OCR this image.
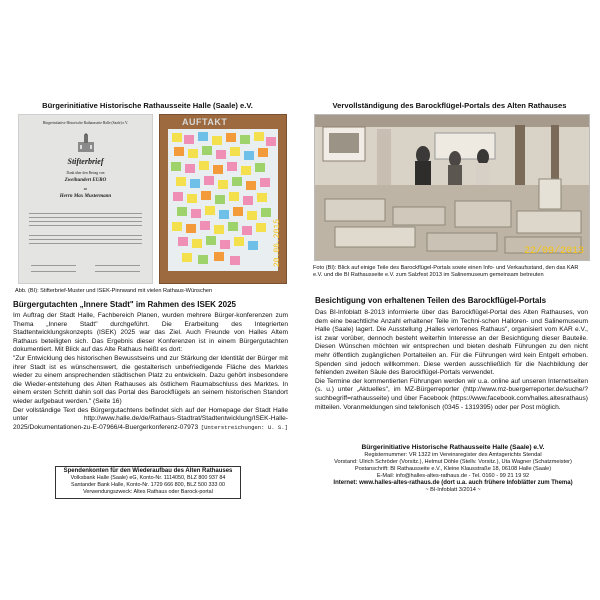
Bürgerinitiative Historische Rathausseite Halle (Saale) e.V.
Bürgerinitiative Historische Rathausseite Halle (Saale) e.V.
Stifterbrief
Dank über den Betrag von
Zweihundert EURO
an
Herrn Max Mustermann
AUFTAKT
20.06.2015
Abb. (BI): Stifterbrief-Muster und ISEK-Pinnwand mit vielen Rathaus-Wünschen
Bürgergutachten „Innere Stadt" im Rahmen des ISEK 2025

Im Auftrag der Stadt Halle, Fachbereich Planen, wurden mehrere Bürger-konferenzen zum Thema „Innere Stadt" durchgeführt. Die Erarbeitung des Integrierten Stadtentwicklungskonzepts (ISEK) 2025 war das Ziel. Auch Freunde von Halles Altem Rathaus beteiligten sich. Das Ergebnis dieser Konferenzen ist in einem Bürgergutachten dokumentiert. Mit Blick auf das Alte Rathaus heißt es dort:

"Zur Entwicklung des historischen Bewusstseins und zur Stärkung der Identität der Bürger mit ihrer Stadt ist es wünschenswert, die gestalterisch unbefriedigende Fläche des Marktes wieder zu einem ansprechenden städtischen Platz zu entwickeln. Dazu gehört insbesondere die Wieder-entstehung des Alten Rathauses als östlichem Raumabschluss des Marktes. In einem ersten Schritt dahin soll das Portal des Barockflügels an seinem historischen Standort wieder aufgebaut werden." (Seite 16)

Der vollständige Text des Bürgergutachtens befindet sich auf der Homepage der Stadt Halle unter http://www.halle.de/de/Rathaus-Stadtrat/Stadtentwicklung/ISEK-Halle-2025/Dokumentationen-zu-E-07966/4-Buergerkonferenz-07973 [Unterstreichungen: U. S.]

Spendenkonten für den Wiederaufbau des Alten Rathauses
Volksbank Halle (Saale) eG, Konto-Nr. 1114050, BLZ 800 937 84
Santander Bank Halle, Konto-Nr. 1729 666 800, BLZ 500 333 00
Verwendungszweck: Altes Rathaus oder Barock-portal
Vervollständigung des Barockflügel-Portals des Alten Rathauses
22/09/2013
Foto (BI): Blick auf einige Teile des Barockflügel-Portals sowie einen Info- und Verkaufsstand, den das KAR e.V. und die BI Rathausseite e.V. zum Salzfest 2013 im Salinemuseum gemeinsam betreuten
Besichtigung von erhaltenen Teilen des Barockflügel-Portals

Das BI-Infoblatt 8-2013 informierte über das Barockflügel-Portal des Alten Rathauses, von dem eine beachtliche Anzahl erhaltener Teile im Techni-schen Halloren- und Salinemuseum Halle (Saale) lagert. Die Ausstellung „Halles verlorenes Rathaus", organisiert vom KAR e.V., ist zwar vorüber, dennoch besteht weiterhin Interesse an der Besichtigung dieser Bauteile. Diesen Wünschen möchten wir entsprechen und bieten deshalb Führungen zu den nicht mehr öffentlich zugänglichen Portalteilen an. Für die Führungen wird kein Entgelt erhoben. Spenden sind jedoch willkommen. Diese werden ausschließlich für die Nachbildung der fehlenden zweiten Säule des Barockflügel-Portals verwendet.

Die Termine der kommentierten Führungen werden wir u.a. online auf unseren Internetseiten (s. u.) unter „Aktuelles", im MZ-Bürgerreporter (http://www.mz-buergerreporter.de/suche/?suchbegriff=rathausseite) und über Facebook (https://www.facebook.com/halles.altesrathaus) mitteilen. Voranmeldungen sind telefonisch (0345 - 1319395) oder per Post möglich.

Bürgerinitiative Historische Rathausseite Halle (Saale) e.V.
Registernummer: VR 1322 im Vereinsregister des Amtsgerichts Stendal
Vorstand: Ulrich Schröder (Vorsitz.), Helmut Döhle (Stellv. Vorsitz.), Uta Wagner (Schatzmeister)
Postanschrift: BI Rathausseite e.V., Kleine Klausstraße 18, 06108 Halle (Saale)
E-Mail: info@halles-altes-rathaus.de - Tel. 0160 - 99 21 19 92
Internet: www.halles-altes-rathaus.de (dort u.a. auch frühere Infoblätter zum Thema)
~ BI-Infoblatt 3/2014 ~
